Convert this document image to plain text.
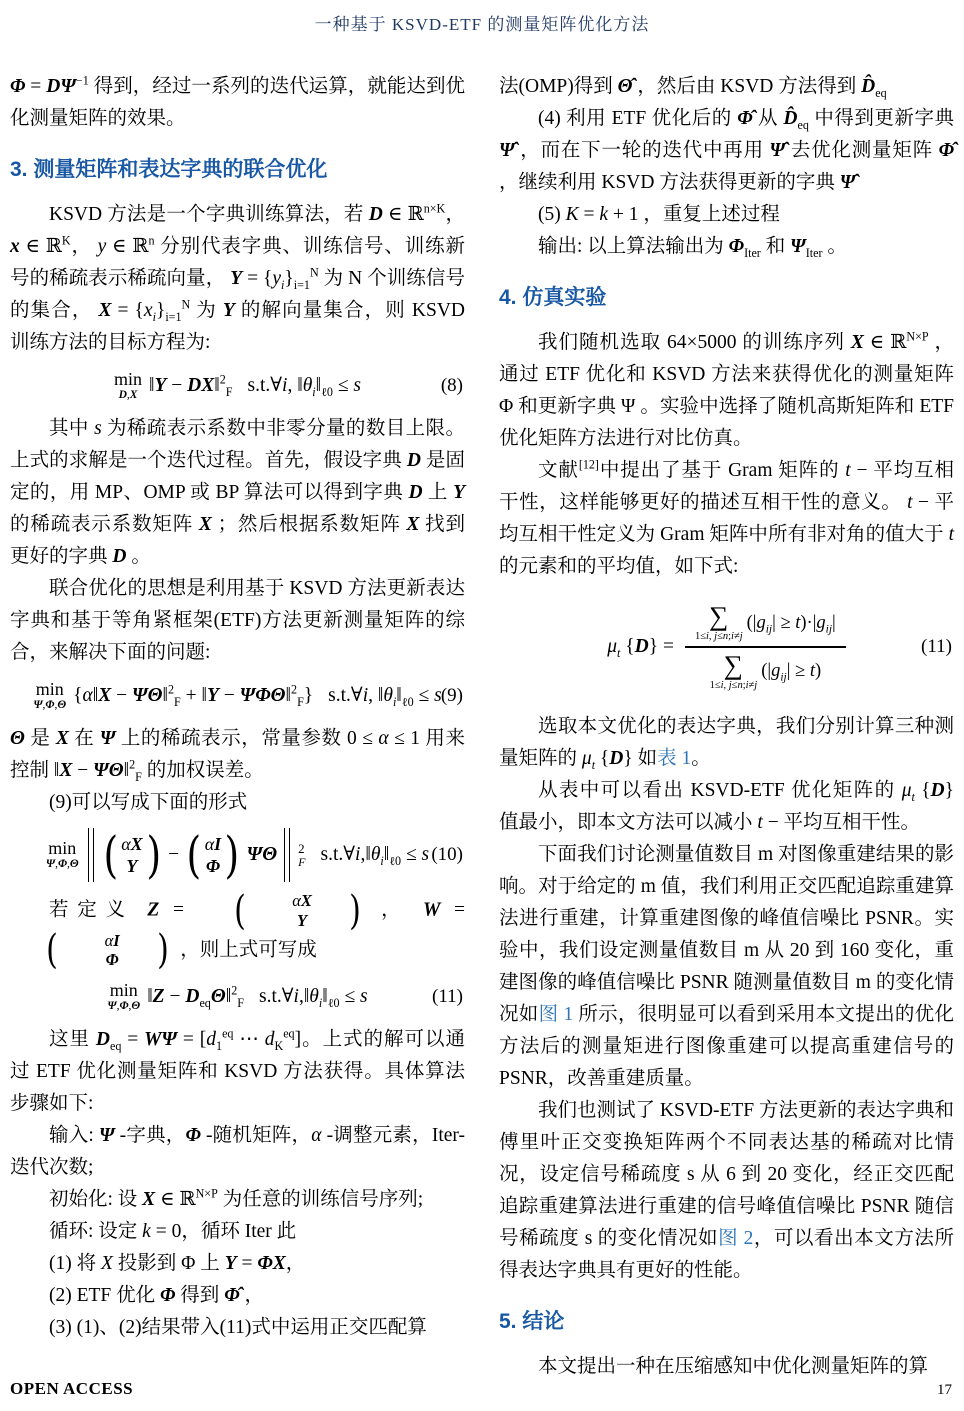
一种基于 KSVD-ETF 的测量矩阵优化方法

$\Phi = D\Psi^{-1}$ 得到，经过一系列的迭代运算，就能达到优化测量矩阵的效果。

3. 测量矩阵和表达字典的联合优化

KSVD 方法是一个字典训练算法，若 D ∈ ℝ$^{n\times K}$，x ∈ ℝ$^K$， y ∈ ℝ$^n$ 分别代表字典、训练信号、训练新号的稀疏表示稀疏向量， $Y = \{y_i\}_{i=1}^N$ 为 N 个训练信号的集合， $X = \{x_i\}_{i=1}^N$ 为 Y 的解向量集合，则 KSVD 训练方法的目标方程为:

min
D,X ‖Y − DX‖$^2_F$ s.t.∀i, $‖\theta_i‖_{\ell 0} \le s$	(8)

其中 s 为稀疏表示系数中非零分量的数目上限。上式的求解是一个迭代过程。首先，假设字典 D 是固定的，用 MP、OMP 或 BP 算法可以得到字典 D 上 Y 的稀疏表示系数矩阵 X ；然后根据系数矩阵 X 找到更好的字典 D 。

联合优化的思想是利用基于 KSVD 方法更新表达字典和基于等角紧框架(ETF)方法更新测量矩阵的综合，来解决下面的问题:

min
Ψ,Φ,Θ {α‖X − ΨΘ‖$^2_F$ + ‖Y − ΨΦΘ‖$^2_F$} s.t.∀i, $‖\theta_i‖_{\ell 0} \le s$ (9)

Θ 是 X 在 Ψ 上的稀疏表示，常量参数 0 ≤ α ≤ 1 用来控制 ‖X − ΨΘ‖$^2_F$ 的加权误差。

(9)可以写成下面的形式

min
Ψ,Φ,Θ ( αX
Y ) − ( αI
Φ ) ΨΘ 2
F $s.t.\forall i,‖\theta_i‖_{\ell 0} \le s$ (10)

若定义 Z =	(	αX
Y	) ， W =
(	αI
Φ ) ，则上式可写成

min
Ψ,Φ,Θ ‖Z − $D_{eq}\Theta‖^2_F$ $s.t.\forall i,‖\theta_i‖_{\ell 0} \le s$	(11)

这里 $D_{eq} = W\Psi = [d_1^{eq}$ ⋯ $d_K^{eq}$]。上式的解可以通过 ETF 优化测量矩阵和 KSVD 方法获得。具体算法步骤如下:

输入: Ψ -字典，Φ -随机矩阵，α -调整元素，Iter-迭代次数;

初始化: 设 X ∈ ℝ$^{N\times P}$ 为任意的训练信号序列;

循环: 设定 k = 0，循环 Iter 此

(1) 将 X 投影到 Φ 上 Y = ΦX，

(2) ETF 优化 Φ 得到 Φ̂ ，

(3) (1)、(2)结果带入(11)式中运用正交匹配算

法(OMP)得到 Θ̂ ，然后由 KSVD 方法得到 $D̂_{eq}$

(4) 利用 ETF 优化后的 Φ̂ 从 $D̂_{eq}$ 中得到更新字典 Ψ̂ ，而在下一轮的迭代中再用 Ψ̂ 去优化测量矩阵 Φ̂ ，继续利用 KSVD 方法获得更新的字典 Ψ̂

(5) K = k + 1 ，重复上述过程

输出: 以上算法输出为 $\Phi_{Iter}$ 和 $\Psi_{Iter}$ 。

4. 仿真实验

我们随机选取 64×5000 的训练序列 X ∈ ℝ$^{N\times P}$ ，通过 ETF 优化和 KSVD 方法来获得优化的测量矩阵 Φ 和更新字典 Ψ 。实验中选择了随机高斯矩阵和 ETF 优化矩阵方法进行对比仿真。

文献[12]中提出了基于 Gram 矩阵的 t − 平均互相干性，这样能够更好的描述互相干性的意义。 t − 平均互相干性定义为 Gram 矩阵中所有非对角的值大于 t 的元素和的平均值，如下式:

$\mu_t$ {D} =
∑
1≤i, j≤n;i≠j
$(|g_{ij}| \ge t)\cdot|g_{ij}|$
∑
1≤i, j≤n;i≠j
$(|g_{ij}| \ge t)$
(11)

选取本文优化的表达字典，我们分别计算三种测量矩阵的 $\mu_t$ {D} 如表 1。

从表中可以看出 KSVD-ETF 优化矩阵的 $\mu_t$ {D} 值最小，即本文方法可以减小 t − 平均互相干性。

下面我们讨论测量值数目 m 对图像重建结果的影响。对于给定的 m 值，我们利用正交匹配追踪重建算法进行重建，计算重建图像的峰值信噪比 PSNR。实验中，我们设定测量值数目 m 从 20 到 160 变化，重建图像的峰值信噪比 PSNR 随测量值数目 m 的变化情况如图 1 所示，很明显可以看到采用本文提出的优化方法后的测量矩进行图像重建可以提高重建信号的 PSNR，改善重建质量。

我们也测试了 KSVD-ETF 方法更新的表达字典和傅里叶正交变换矩阵两个不同表达基的稀疏对比情况，设定信号稀疏度 s 从 6 到 20 变化，经正交匹配追踪重建算法进行重建的信号峰值信噪比 PSNR 随信号稀疏度 s 的变化情况如图 2，可以看出本文方法所得表达字典具有更好的性能。

5. 结论

本文提出一种在压缩感知中优化测量矩阵的算

OPEN ACCESS	17
